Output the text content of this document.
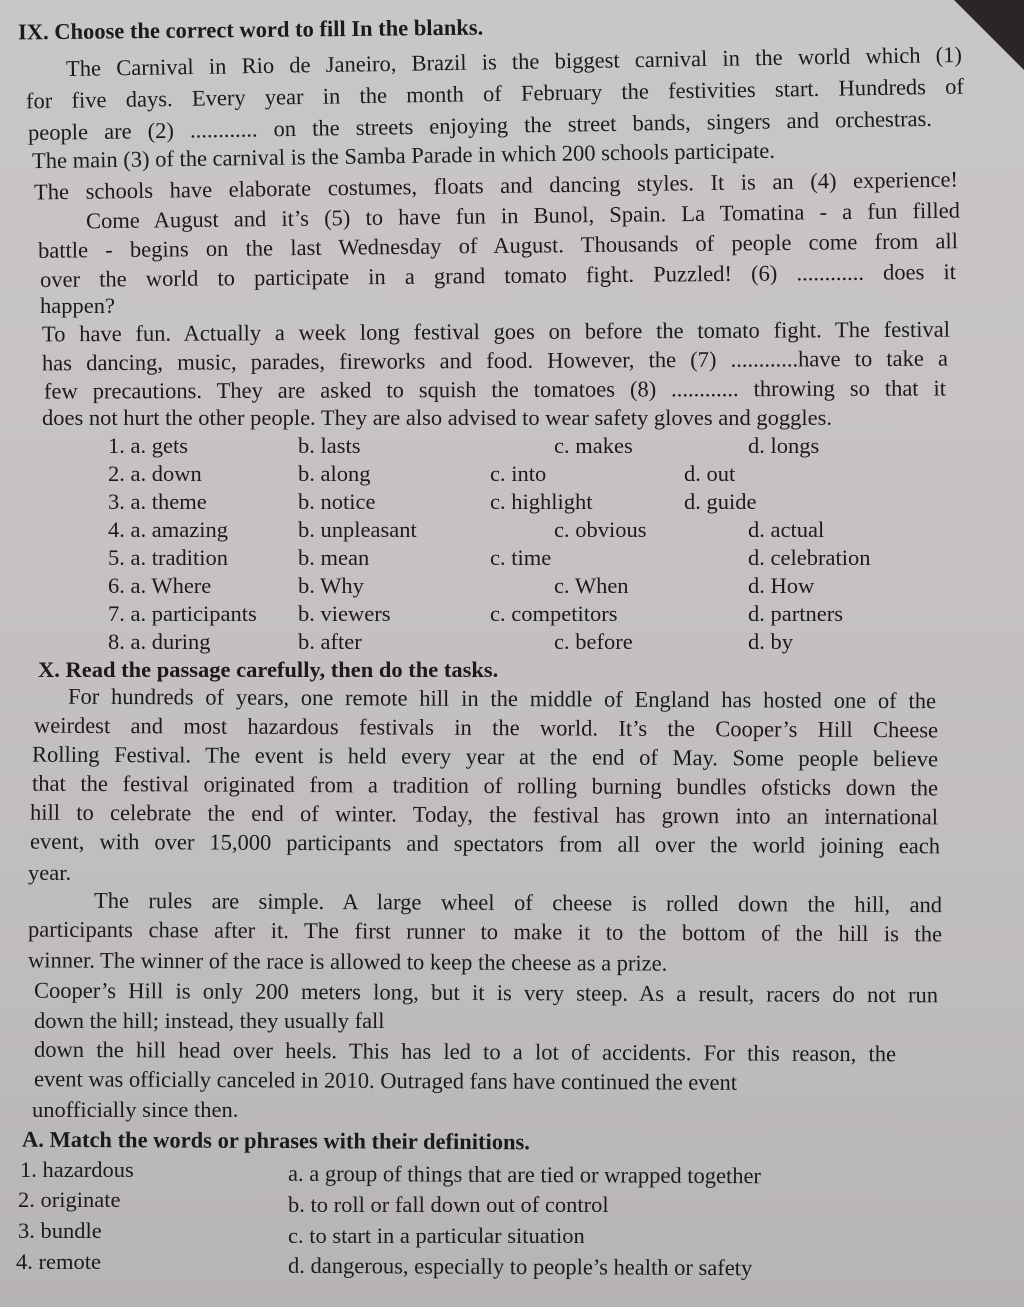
IX. Choose the correct word to fill In the blanks.
The Carnival in Rio de Janeiro, Brazil is the biggest carnival in the world which (1)
for five days. Every year in the month of February the festivities start. Hundreds of
people are (2) ............ on the streets enjoying the street bands, singers and orchestras.
The main (3) of the carnival is the Samba Parade in which 200 schools participate.
The schools have elaborate costumes, floats and dancing styles. It is an (4) experience!
Come August and it’s (5) to have fun in Bunol, Spain. La Tomatina - a fun filled
battle - begins on the last Wednesday of August. Thousands of people come from all
over the world to participate in a grand tomato fight. Puzzled! (6) ............ does it
happen?
To have fun. Actually a week long festival goes on before the tomato fight. The festival
has dancing, music, parades, fireworks and food. However, the (7) ............have to take a
few precautions. They are asked to squish the tomatoes (8) ............ throwing so that it
does not hurt the other people. They are also advised to wear safety gloves and goggles.
1. a. gets	b. lasts	c. makes	d. longs
2. a. down	b. along	c. into	d. out
3. a. theme	b. notice	c. highlight	d. guide
4. a. amazing	b. unpleasant	c. obvious	d. actual
5. a. tradition	b. mean	c. time	d. celebration
6. a. Where	b. Why	c. When	d. How
7. a. participants b. viewers	c. competitors	d. partners
8. a. during	b. after	c. before	d. by
X. Read the passage carefully, then do the tasks.
For hundreds of years, one remote hill in the middle of England has hosted one of the
weirdest and most hazardous festivals in the world. It’s the Cooper’s Hill Cheese
Rolling Festival. The event is held every year at the end of May. Some people believe
that the festival originated from a tradition of rolling burning bundles ofsticks down the
hill to celebrate the end of winter. Today, the festival has grown into an international
event, with over 15,000 participants and spectators from all over the world joining each
year.
The rules are simple. A large wheel of cheese is rolled down the hill, and
participants chase after it. The first runner to make it to the bottom of the hill is the
winner. The winner of the race is allowed to keep the cheese as a prize.
Cooper’s Hill is only 200 meters long, but it is very steep. As a result, racers do not run
down the hill; instead, they usually fall
down the hill head over heels. This has led to a lot of accidents. For this reason, the
event was officially canceled in 2010. Outraged fans have continued the event
unofficially since then.
A. Match the words or phrases with their definitions.
1. hazardous	a. a group of things that are tied or wrapped together
2. originate	b. to roll or fall down out of control
3. bundle	c. to start in a particular situation
4. remote	d. dangerous, especially to people’s health or safety
